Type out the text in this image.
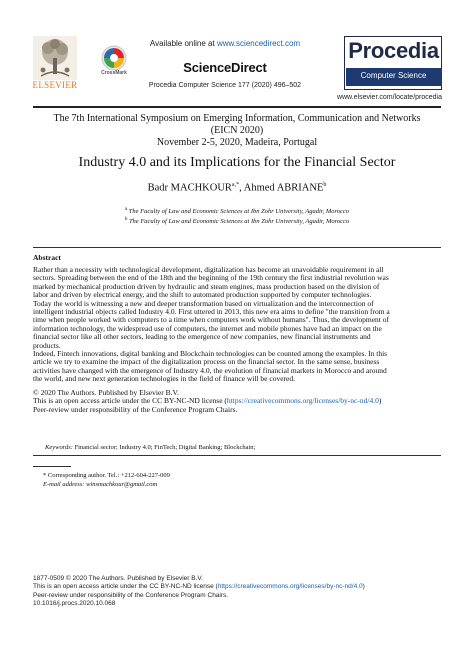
ELSEVIER
CrossMark
Available online at www.sciencedirect.com
ScienceDirect
Procedia Computer Science 177 (2020) 496–502
Procedia
Computer Science
www.elsevier.com/locate/procedia
The 7th International Symposium on Emerging Information, Communication and Networks
(EICN 2020)
November 2-5, 2020, Madeira, Portugal
Industry 4.0 and its Implications for the Financial Sector
Badr $MACHKOUR^{a,*}$, Ahmed ABRIANE$^b$
$^a$ The Faculty of Law and Economic Sciences at Ibn Zohr University, Agadir, Morocco
$^b$ The Faculty of Law and Economic Sciences at Ibn Zohr University, Agadir, Morocco
Abstract

Rather than a necessity with technological development, digitalization has become an unavoidable requirement in all

sectors. Spreading between the end of the 18th and the beginning of the 19th century the first industrial revolution was

marked by mechanical production driven by hydraulic and steam engines, mass production based on the division of

labor and driven by electrical energy, and the shift to automated production supported by computer technologies.

Today the world is witnessing a new and deeper transformation based on virtualization and the interconnection of

intelligent industrial objects called Industry 4.0. First uttered in 2013, this new era aims to define "the transition from a

time when people worked with computers to a time when computers work without humans". Thus, the development of

information technology, the widespread use of computers, the internet and mobile phones have had an impact on the

financial sector like all other sectors, leading to the emergence of new companies, new financial instruments and

products.

Indeed, Fintech innovations, digital banking and Blockchain technologies can be counted among the examples. In this

article we try to examine the impact of the digitalization process on the financial sector. In the same sense, business

activities have changed with the emergence of Industry 4.0, the evolution of financial markets in Morocco and around

the world, and new next generation technologies in the field of finance will be covered.

© 2020 The Authors. Published by Elsevier B.V.

This is an open access article under the CC BY-NC-ND license (https://creativecommons.org/licenses/by-nc-nd/4.0)

Peer-review under responsibility of the Conference Program Chairs.

Keywords: Financial sector; Industry 4.0; FinTech; Digital Banking; Blockchain;
* Corresponding author. Tel.: +212-604-227-009
E-mail address: winsmachkour@gmail.com
1877-0509 © 2020 The Authors. Published by Elsevier B.V.
This is an open access article under the CC BY-NC-ND license (https://creativecommons.org/licenses/by-nc-nd/4.0)
Peer-review under responsibility of the Conference Program Chairs.
10.1016/j.procs.2020.10.068
